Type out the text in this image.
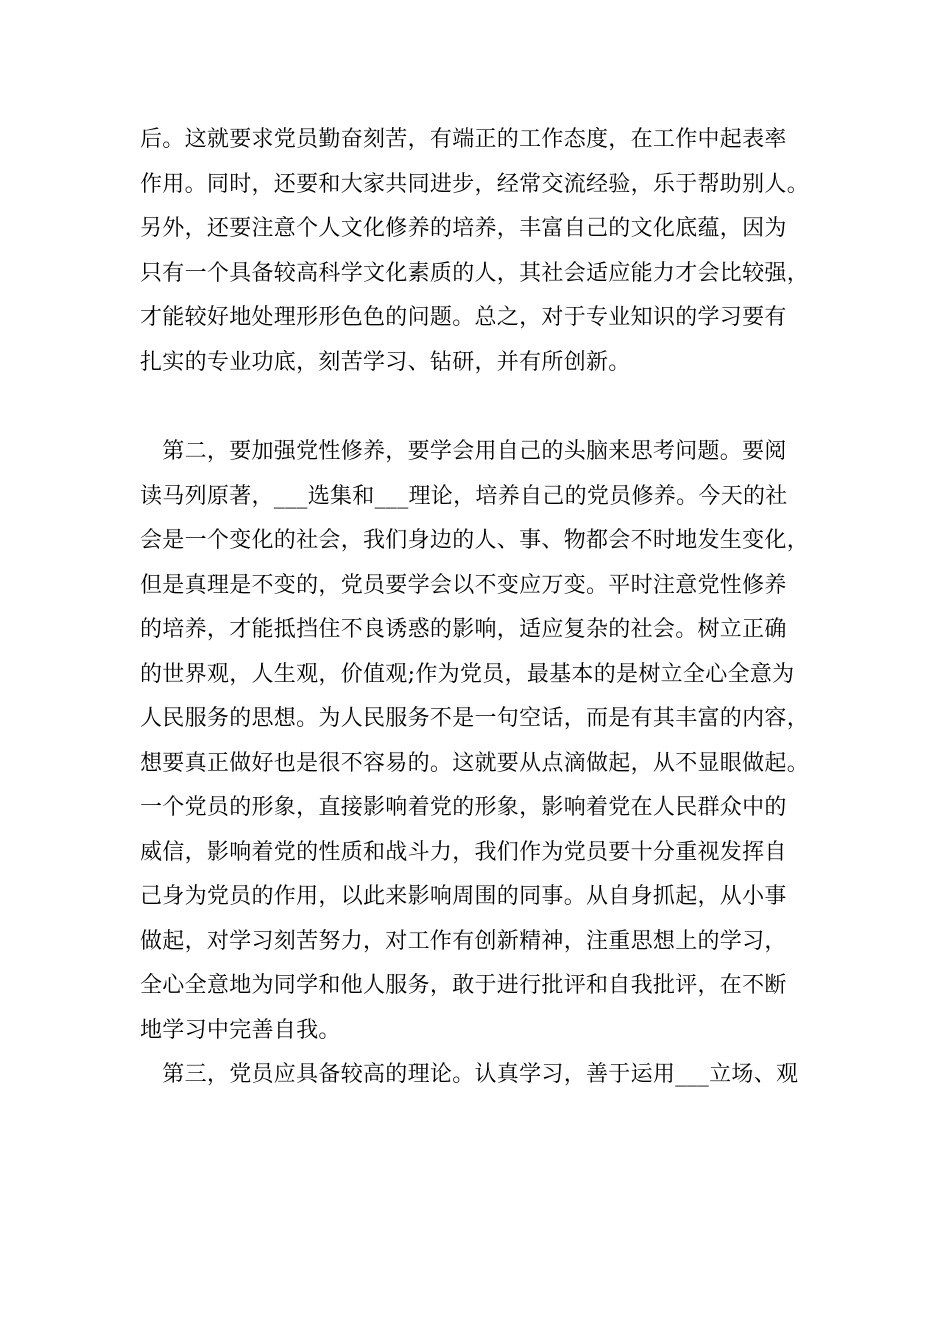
后。这就要求党员勤奋刻苦，有端正的工作态度，在工作中起表率
作用。同时，还要和大家共同进步，经常交流经验，乐于帮助别人。
另外，还要注意个人文化修养的培养，丰富自己的文化底蕴，因为
只有一个具备较高科学文化素质的人，其社会适应能力才会比较强，
才能较好地处理形形色色的问题。总之，对于专业知识的学习要有
扎实的专业功底，刻苦学习、钻研，并有所创新。
　第二，要加强党性修养，要学会用自己的头脑来思考问题。要阅
读马列原著，___选集和___理论，培养自己的党员修养。今天的社
会是一个变化的社会，我们身边的人、事、物都会不时地发生变化，
但是真理是不变的，党员要学会以不变应万变。平时注意党性修养
的培养，才能抵挡住不良诱惑的影响，适应复杂的社会。树立正确
的世界观，人生观，价值观;作为党员，最基本的是树立全心全意为
人民服务的思想。为人民服务不是一句空话，而是有其丰富的内容，
想要真正做好也是很不容易的。这就要从点滴做起，从不显眼做起。
一个党员的形象，直接影响着党的形象，影响着党在人民群众中的
威信，影响着党的性质和战斗力，我们作为党员要十分重视发挥自
己身为党员的作用，以此来影响周围的同事。从自身抓起，从小事
做起，对学习刻苦努力，对工作有创新精神，注重思想上的学习，
全心全意地为同学和他人服务，敢于进行批评和自我批评，在不断
地学习中完善自我。
　第三，党员应具备较高的理论。认真学习，善于运用___立场、观
